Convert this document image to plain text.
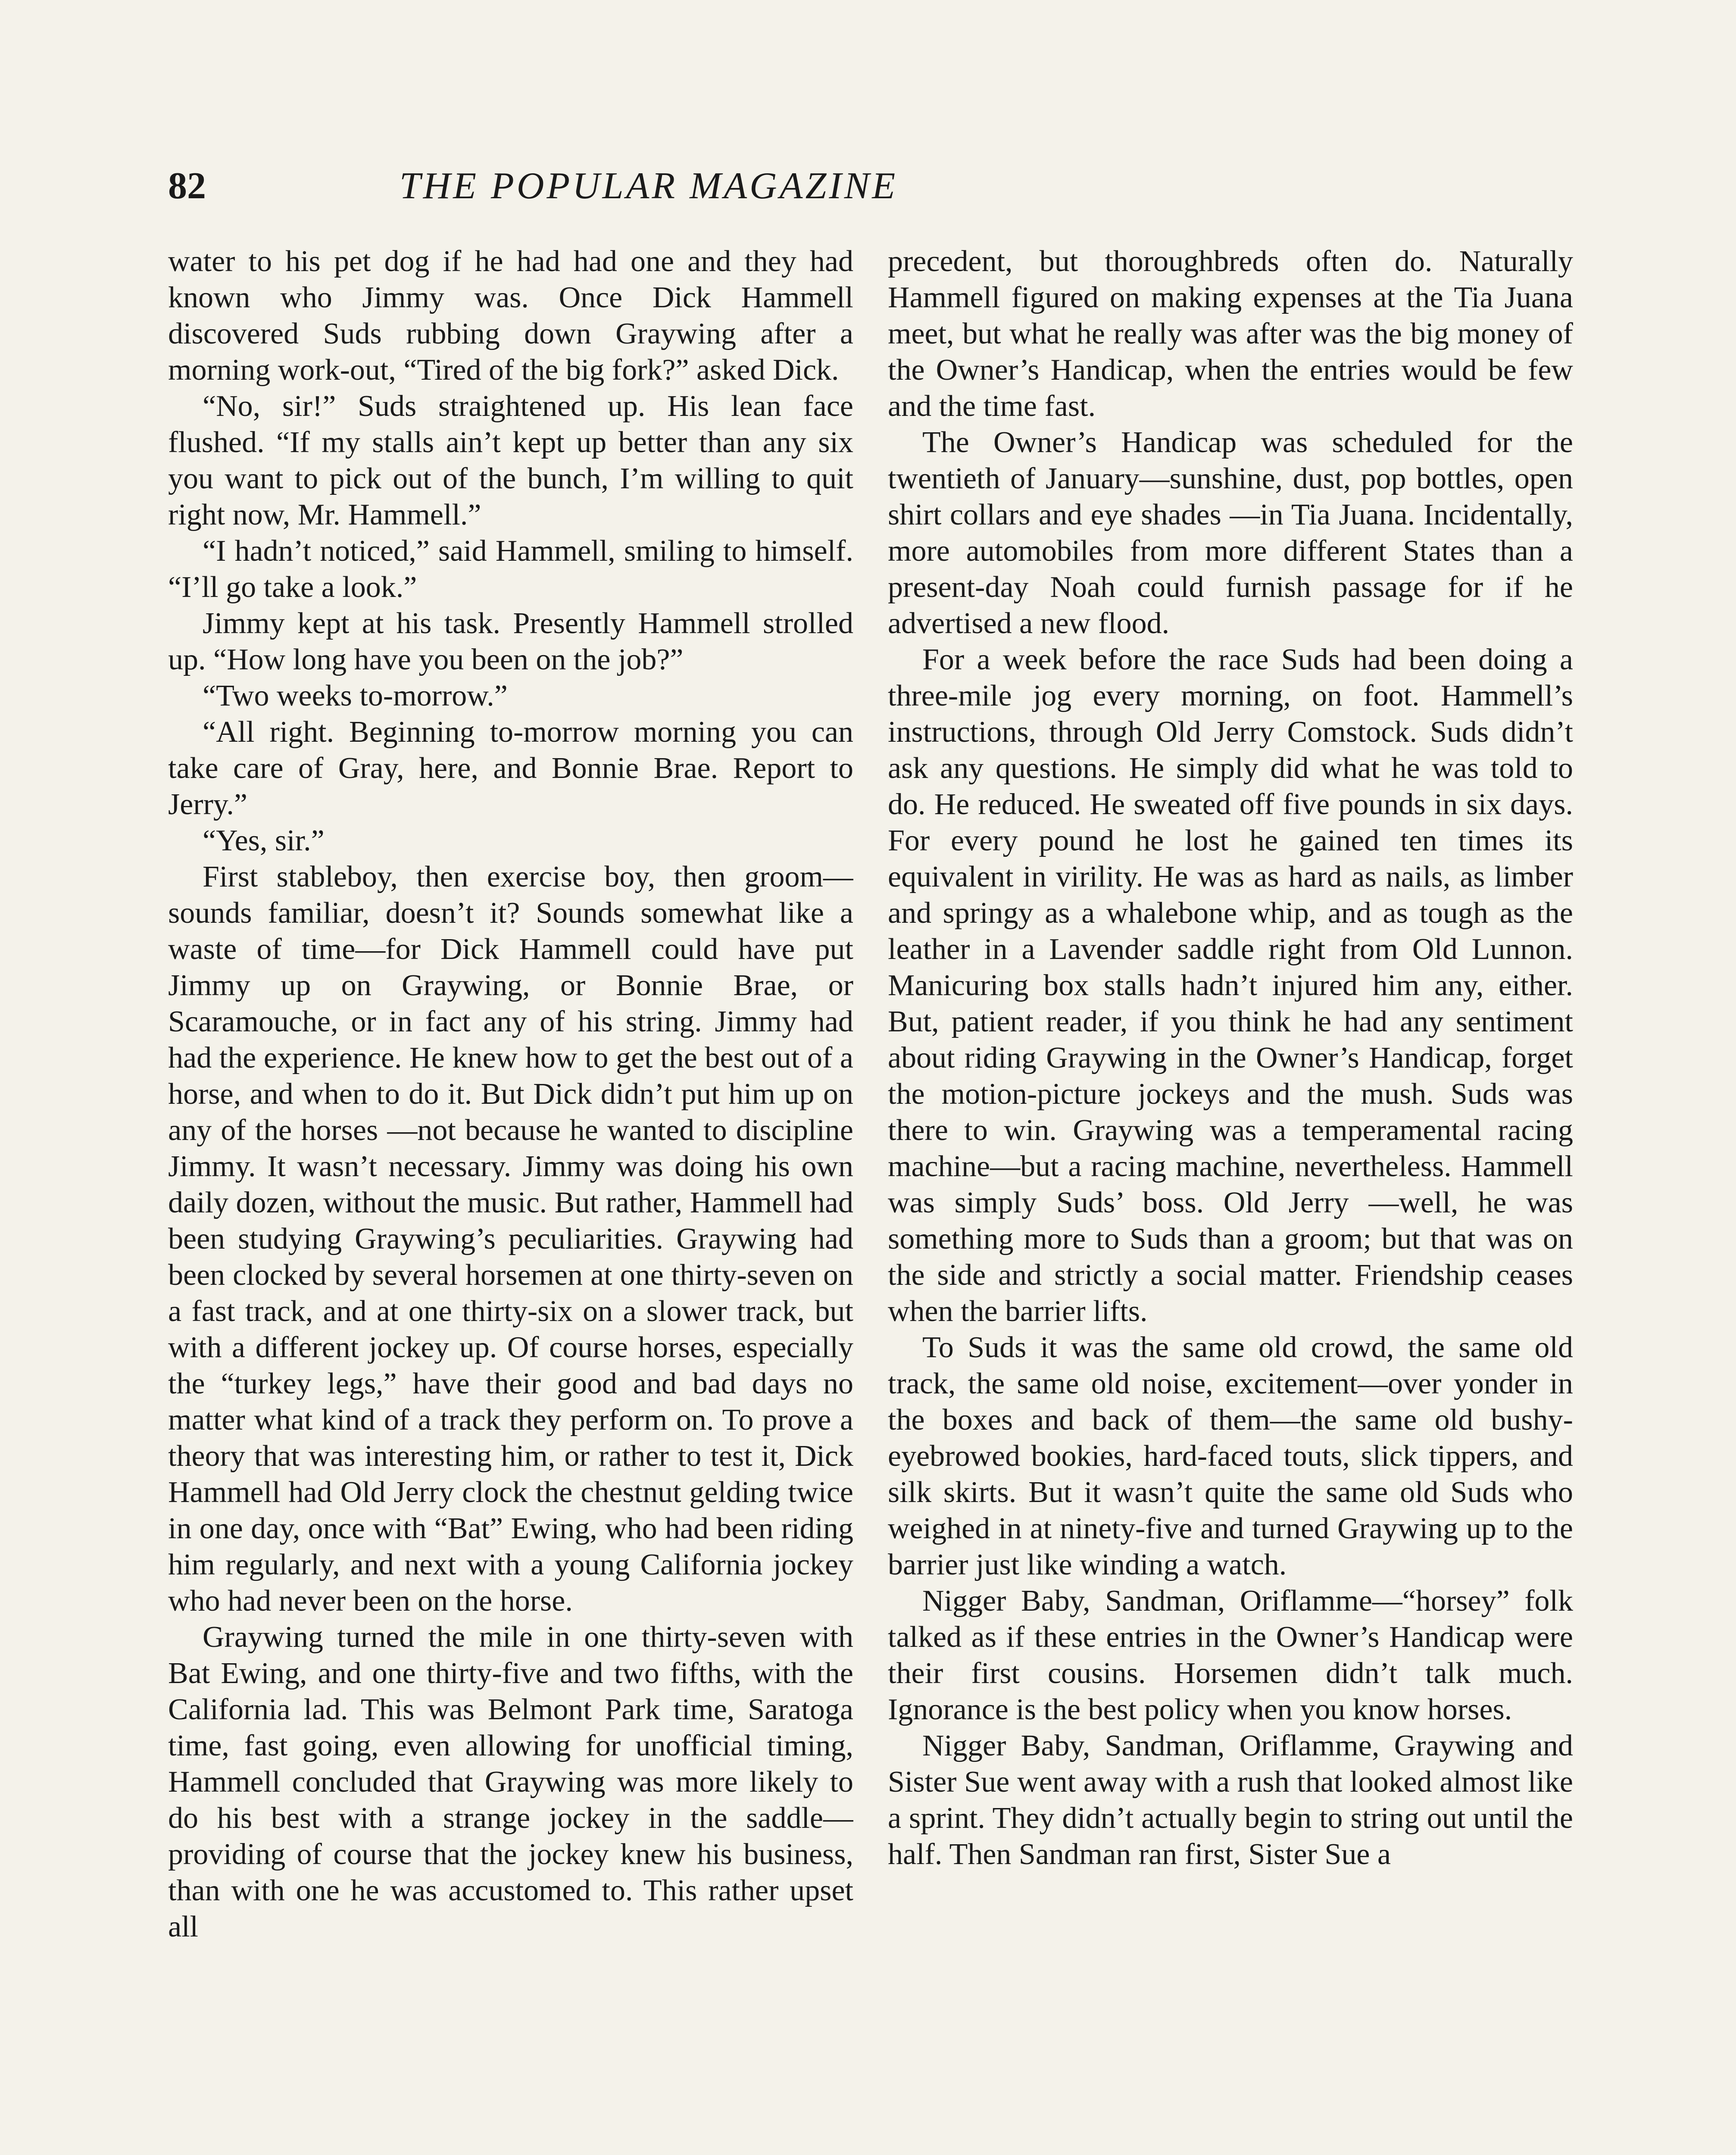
82	THE POPULAR MAGAZINE

water to his pet dog if he had had one and they had known who Jimmy was. Once Dick Hammell discovered Suds rubbing down Graywing after a morning work-out, “Tired of the big fork?” asked Dick.

“No, sir!” Suds straightened up. His lean face flushed. “If my stalls ain’t kept up better than any six you want to pick out of the bunch, I’m willing to quit right now, Mr. Hammell.”

“I hadn’t noticed,” said Hammell, smiling to himself. “I’ll go take a look.”

Jimmy kept at his task. Presently Hammell strolled up. “How long have you been on the job?”

“Two weeks to-morrow.”

“All right. Beginning to-morrow morning you can take care of Gray, here, and Bonnie Brae. Report to Jerry.”

“Yes, sir.”

First stableboy, then exercise boy, then groom—sounds familiar, doesn’t it? Sounds somewhat like a waste of time—for Dick Hammell could have put Jimmy up on Graywing, or Bonnie Brae, or Scaramouche, or in fact any of his string. Jimmy had had the experience. He knew how to get the best out of a horse, and when to do it. But Dick didn’t put him up on any of the horses —not because he wanted to discipline Jimmy. It wasn’t necessary. Jimmy was doing his own daily dozen, without the music. But rather, Hammell had been studying Graywing’s peculiarities. Graywing had been clocked by several horsemen at one thirty-seven on a fast track, and at one thirty-six on a slower track, but with a different jockey up. Of course horses, especially the “turkey legs,” have their good and bad days no matter what kind of a track they perform on. To prove a theory that was interesting him, or rather to test it, Dick Hammell had Old Jerry clock the chestnut gelding twice in one day, once with “Bat” Ewing, who had been riding him regularly, and next with a young California jockey who had never been on the horse.

Graywing turned the mile in one thirty-seven with Bat Ewing, and one thirty-five and two fifths, with the California lad. This was Belmont Park time, Saratoga time, fast going, even allowing for unofficial timing, Hammell concluded that Graywing was more likely to do his best with a strange jockey in the saddle—providing of course that the jockey knew his business, than with one he was accustomed to. This rather upset all

precedent, but thoroughbreds often do. Naturally Hammell figured on making expenses at the Tia Juana meet, but what he really was after was the big money of the Owner’s Handicap, when the entries would be few and the time fast.

The Owner’s Handicap was scheduled for the twentieth of January—sunshine, dust, pop bottles, open shirt collars and eye shades —in Tia Juana. Incidentally, more automobiles from more different States than a present-day Noah could furnish passage for if he advertised a new flood.

For a week before the race Suds had been doing a three-mile jog every morning, on foot. Hammell’s instructions, through Old Jerry Comstock. Suds didn’t ask any questions. He simply did what he was told to do. He reduced. He sweated off five pounds in six days. For every pound he lost he gained ten times its equivalent in virility. He was as hard as nails, as limber and springy as a whalebone whip, and as tough as the leather in a Lavender saddle right from Old Lunnon. Manicuring box stalls hadn’t injured him any, either. But, patient reader, if you think he had any sentiment about riding Graywing in the Owner’s Handicap, forget the motion-picture jockeys and the mush. Suds was there to win. Graywing was a temperamental racing machine—but a racing machine, nevertheless. Hammell was simply Suds’ boss. Old Jerry —well, he was something more to Suds than a groom; but that was on the side and strictly a social matter. Friendship ceases when the barrier lifts.

To Suds it was the same old crowd, the same old track, the same old noise, excitement—over yonder in the boxes and back of them—the same old bushy-eyebrowed bookies, hard-faced touts, slick tippers, and silk skirts. But it wasn’t quite the same old Suds who weighed in at ninety-five and turned Graywing up to the barrier just like winding a watch.

Nigger Baby, Sandman, Oriflamme—“horsey” folk talked as if these entries in the Owner’s Handicap were their first cousins. Horsemen didn’t talk much. Ignorance is the best policy when you know horses.

Nigger Baby, Sandman, Oriflamme, Graywing and Sister Sue went away with a rush that looked almost like a sprint. They didn’t actually begin to string out until the half. Then Sandman ran first, Sister Sue a
